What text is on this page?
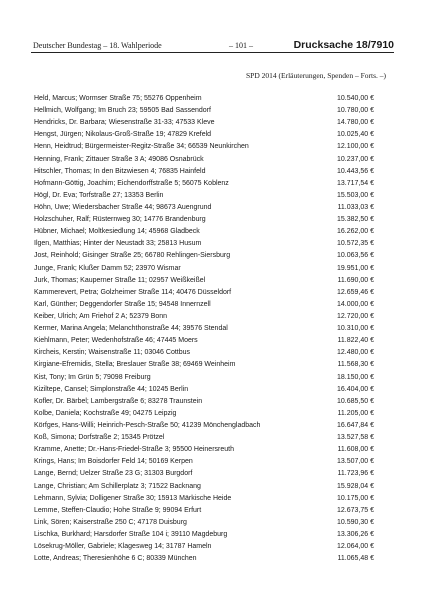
Deutscher Bundestag – 18. Wahlperiode	– 101 –	Drucksache 18/7910
SPD 2014 (Erläuterungen, Spenden – Forts. –)
Held, Marcus; Wormser Straße 75; 55276 Oppenheim	10.540,00 €
Hellmich, Wolfgang; Im Bruch 23; 59505 Bad Sassendorf	10.780,00 €
Hendricks, Dr. Barbara; Wiesenstraße 31-33; 47533 Kleve	14.780,00 €
Hengst, Jürgen; Nikolaus-Groß-Straße 19; 47829 Krefeld	10.025,40 €
Henn, Heidtrud; Bürgermeister-Regitz-Straße 34; 66539 Neunkirchen	12.100,00 €
Henning, Frank; Zittauer Straße 3 A; 49086 Osnabrück	10.237,00 €
Hitschler, Thomas; In den Bitzwiesen 4; 76835 Hainfeld	10.443,56 €
Hofmann-Göttig, Joachim; Eichendorffstraße 5; 56075 Koblenz	13.717,54 €
Högl, Dr. Eva; Torfstraße 27; 13353 Berlin	15.503,00 €
Höhn, Uwe; Wiedersbacher Straße 44; 98673 Auengrund	11.033,03 €
Holzschuher, Ralf; Rüsternweg 30; 14776 Brandenburg	15.382,50 €
Hübner, Michael; Moltkesiedlung 14; 45968 Gladbeck	16.262,00 €
Ilgen, Matthias; Hinter der Neustadt 33; 25813 Husum	10.572,35 €
Jost, Reinhold; Gisinger Straße 25; 66780 Rehlingen-Siersburg	10.063,56 €
Junge, Frank; Klußer Damm 52; 23970 Wismar	19.951,00 €
Jurk, Thomas; Kauperner Straße 11; 02957 Weißkeißel	11.690,00 €
Kammerevert, Petra; Golzheimer Straße 114; 40476 Düsseldorf	12.659,46 €
Karl, Günther; Deggendorfer Straße 15; 94548 Innernzell	14.000,00 €
Keiber, Ulrich; Am Friehof 2 A; 52379 Bonn	12.720,00 €
Kermer, Marina Angela; Melanchthonstraße 44; 39576 Stendal	10.310,00 €
Kiehlmann, Peter; Wedenhofstraße 46; 47445 Moers	11.822,40 €
Kircheis, Kerstin; Waisenstraße 11; 03046 Cottbus	12.480,00 €
Kirgiane-Efremidis, Stella; Breslauer Straße 38; 69469 Weinheim	11.568,30 €
Kist, Tony; Im Grün 5; 79098 Freiburg	18.150,00 €
Kiziltepe, Cansel; Simplonstraße 44; 10245 Berlin	16.404,00 €
Kofler, Dr. Bärbel; Lambergstraße 6; 83278 Traunstein	10.685,50 €
Kolbe, Daniela; Kochstraße 49; 04275 Leipzig	11.205,00 €
Körfges, Hans-Willi; Heinrich-Pesch-Straße 50; 41239 Mönchengladbach	16.647,84 €
Koß, Simona; Dorfstraße 2; 15345 Prötzel	13.527,58 €
Kramme, Anette; Dr.-Hans-Friedel-Straße 3; 95500 Heinersreuth	11.608,00 €
Krings, Hans; Im Boisdorfer Feld 14; 50169 Kerpen	13.507,00 €
Lange, Bernd; Uelzer Straße 23 G; 31303 Burgdorf	11.723,96 €
Lange, Christian; Am Schillerplatz 3; 71522 Backnang	15.928,04 €
Lehmann, Sylvia; Dolligener Straße 30; 15913 Märkische Heide	10.175,00 €
Lemme, Steffen-Claudio; Hohe Straße 9; 99094 Erfurt	12.673,75 €
Link, Sören; Kaiserstraße 250 C; 47178 Duisburg	10.590,30 €
Lischka, Burkhard; Harsdorfer Straße 104 i; 39110 Magdeburg	13.306,26 €
Lösekrug-Möller, Gabriele; Klagesweg 14; 31787 Hameln	12.064,00 €
Lotte, Andreas; Theresienhöhe 6 C; 80339 München	11.065,48 €
